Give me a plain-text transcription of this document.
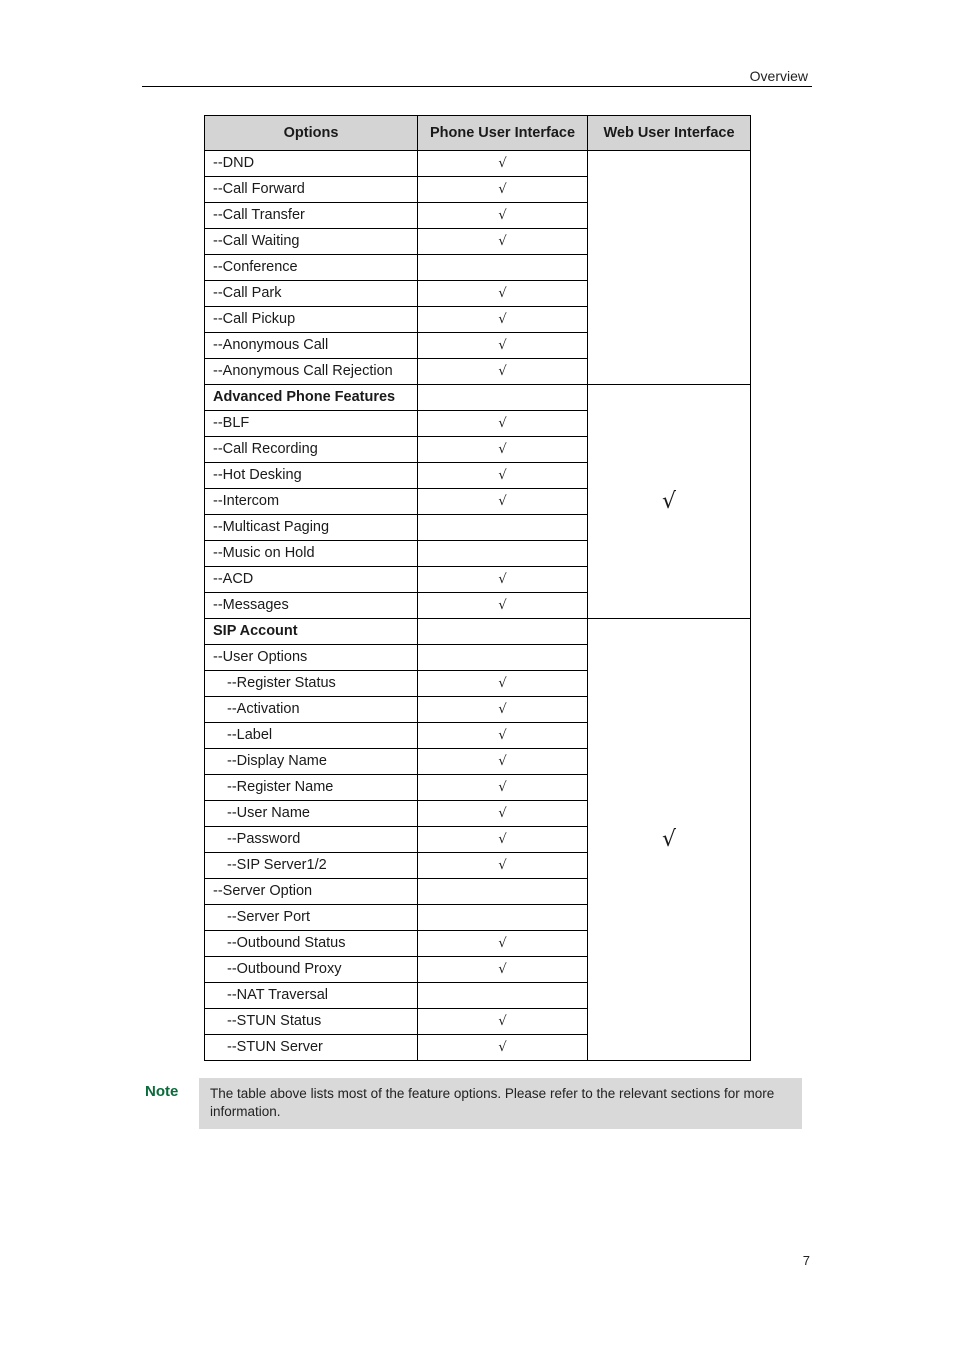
Overview
Options	Phone User Interface	Web User Interface
--DND	√	
--Call Forward	√	
--Call Transfer	√	
--Call Waiting	√	
--Conference		
--Call Park	√	
--Call Pickup	√	
--Anonymous Call	√	
--Anonymous Call Rejection	√	
Advanced Phone Features		√
--BLF	√	
--Call Recording	√	
--Hot Desking	√	
--Intercom	√	
--Multicast Paging		
--Music on Hold		
--ACD	√	
--Messages	√	
SIP Account		√
--User Options		
--Register Status	√	
--Activation	√	
--Label	√	
--Display Name	√	
--Register Name	√	
--User Name	√	
--Password	√	
--SIP Server1/2	√	
--Server Option		
--Server Port		
--Outbound Status	√	
--Outbound Proxy	√	
--NAT Traversal		
--STUN Status	√	
--STUN Server	√	
Note	The table above lists most of the feature options. Please refer to the relevant sections for more information.
7
